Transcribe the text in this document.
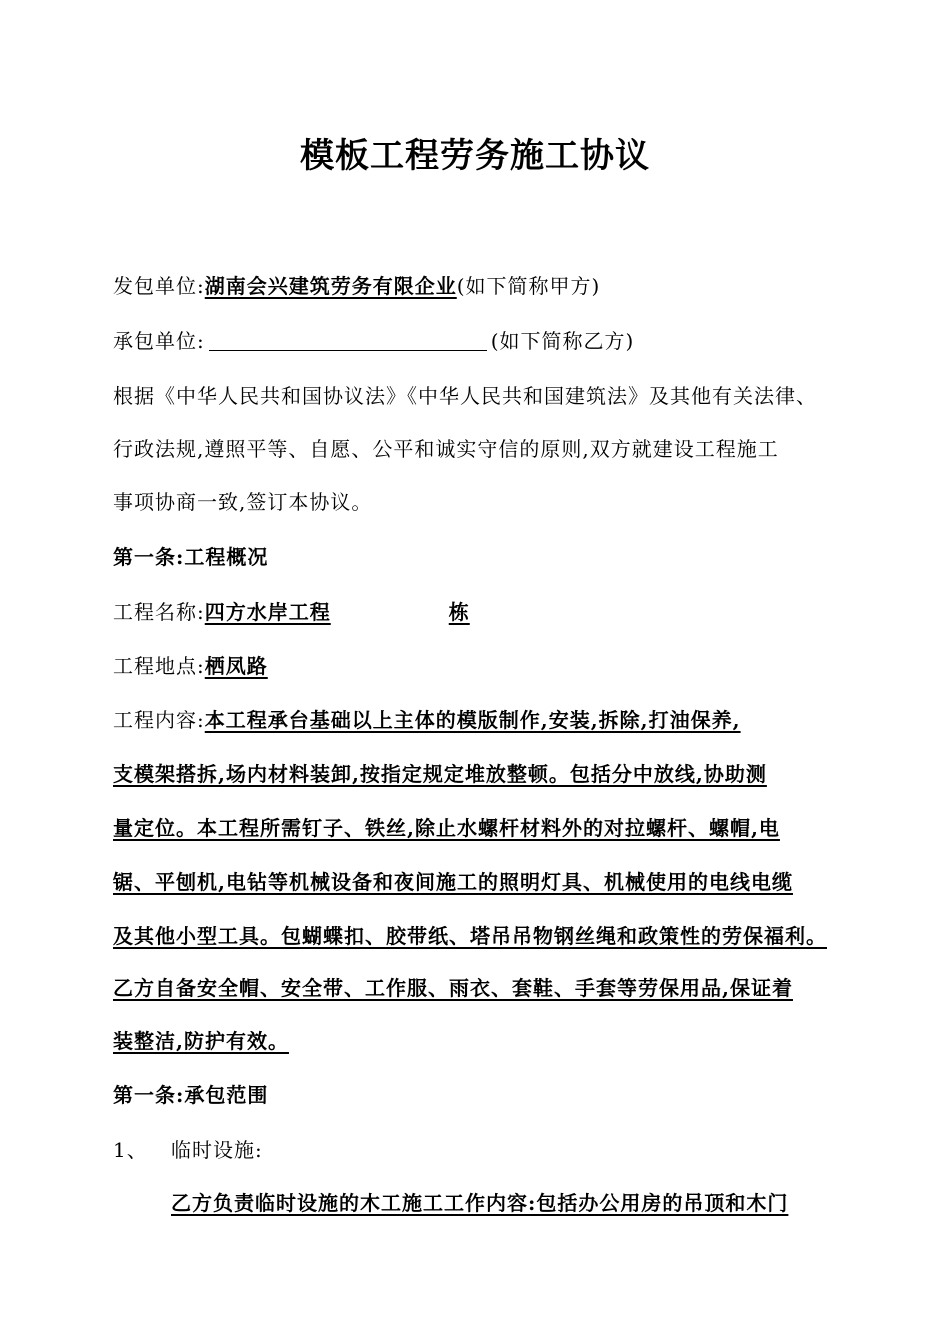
模板工程劳务施工协议
发包单位:湖南会兴建筑劳务有限企业(如下简称甲方)
承包单位:	(如下简称乙方)
根据《中华人民共和国协议法》《中华人民共和国建筑法》及其他有关法律、
行政法规,遵照平等、自愿、公平和诚实守信的原则,双方就建设工程施工
事项协商一致,签订本协议。
第一条:工程概况
工程名称:四方水岸工程	栋
工程地点:栖凤路
工程内容:本工程承台基础以上主体的模版制作,安装,拆除,打油保养,
支模架搭拆,场内材料装卸,按指定规定堆放整顿。包括分中放线,协助测
量定位。本工程所需钉子、铁丝,除止水螺杆材料外的对拉螺杆、螺帽,电
锯、平刨机,电钻等机械设备和夜间施工的照明灯具、机械使用的电线电缆
及其他小型工具。包蝴蝶扣、胶带纸、塔吊吊物钢丝绳和政策性的劳保福利。
乙方自备安全帽、安全带、工作服、雨衣、套鞋、手套等劳保用品,保证着
装整洁,防护有效。
第一条:承包范围
1、 临时设施:
乙方负责临时设施的木工施工工作内容:包括办公用房的吊顶和木门
